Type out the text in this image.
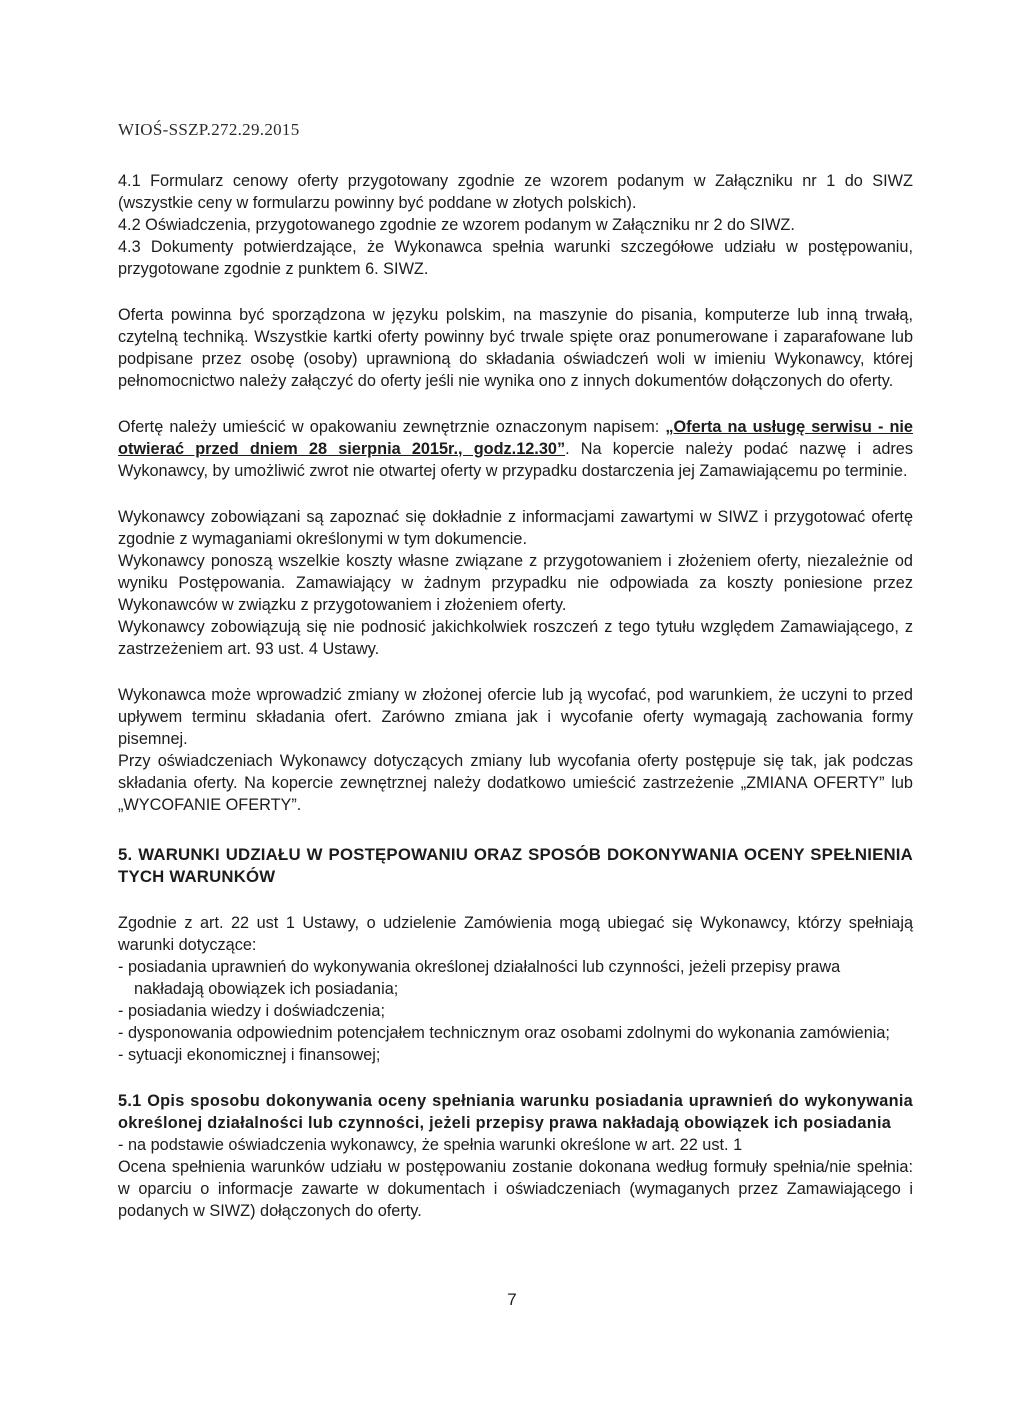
WIOŚ-SSZP.272.29.2015

4.1 Formularz cenowy oferty przygotowany zgodnie ze wzorem podanym w Załączniku nr 1 do SIWZ (wszystkie ceny w formularzu powinny być poddane w złotych polskich).

4.2 Oświadczenia, przygotowanego zgodnie ze wzorem podanym w Załączniku nr 2 do SIWZ.

4.3 Dokumenty potwierdzające, że Wykonawca spełnia warunki szczegółowe udziału w postępowaniu, przygotowane zgodnie z punktem 6. SIWZ.

Oferta powinna być sporządzona w języku polskim, na maszynie do pisania, komputerze lub inną trwałą, czytelną techniką. Wszystkie kartki oferty powinny być trwale spięte oraz ponumerowane i zaparafowane lub podpisane przez osobę (osoby) uprawnioną do składania oświadczeń woli w imieniu Wykonawcy, której pełnomocnictwo należy załączyć do oferty jeśli nie wynika ono z innych dokumentów dołączonych do oferty.

Ofertę należy umieścić w opakowaniu zewnętrznie oznaczonym napisem: „Oferta na usługę serwisu - nie otwierać przed dniem 28 sierpnia 2015r., godz.12.30”. Na kopercie należy podać nazwę i adres Wykonawcy, by umożliwić zwrot nie otwartej oferty w przypadku dostarczenia jej Zamawiającemu po terminie.

Wykonawcy zobowiązani są zapoznać się dokładnie z informacjami zawartymi w SIWZ i przygotować ofertę zgodnie z wymaganiami określonymi w tym dokumencie.

Wykonawcy ponoszą wszelkie koszty własne związane z przygotowaniem i złożeniem oferty, niezależnie od wyniku Postępowania. Zamawiający w żadnym przypadku nie odpowiada za koszty poniesione przez Wykonawców w związku z przygotowaniem i złożeniem oferty.

Wykonawcy zobowiązują się nie podnosić jakichkolwiek roszczeń z tego tytułu względem Zamawiającego, z zastrzeżeniem art. 93 ust. 4 Ustawy.

Wykonawca może wprowadzić zmiany w złożonej ofercie lub ją wycofać, pod warunkiem, że uczyni to przed upływem terminu składania ofert. Zarówno zmiana jak i wycofanie oferty wymagają zachowania formy pisemnej.

Przy oświadczeniach Wykonawcy dotyczących zmiany lub wycofania oferty postępuje się tak, jak podczas składania oferty. Na kopercie zewnętrznej należy dodatkowo umieścić zastrzeżenie „ZMIANA OFERTY” lub „WYCOFANIE OFERTY”.

5. WARUNKI UDZIAŁU W POSTĘPOWANIU ORAZ SPOSÓB DOKONYWANIA OCENY SPEŁNIENIA TYCH WARUNKÓW

Zgodnie z art. 22 ust 1 Ustawy, o udzielenie Zamówienia mogą ubiegać się Wykonawcy, którzy spełniają warunki dotyczące:

- posiadania uprawnień do wykonywania określonej działalności lub czynności, jeżeli przepisy prawa nakładają obowiązek ich posiadania;
- posiadania wiedzy i doświadczenia;
- dysponowania odpowiednim potencjałem technicznym oraz osobami zdolnymi do wykonania zamówienia;
- sytuacji ekonomicznej i finansowej;

5.1 Opis sposobu dokonywania oceny spełniania warunku posiadania uprawnień do wykonywania określonej działalności lub czynności, jeżeli przepisy prawa nakładają obowiązek ich posiadania

- na podstawie oświadczenia wykonawcy, że spełnia warunki określone w art. 22 ust. 1

Ocena spełnienia warunków udziału w postępowaniu zostanie dokonana według formuły spełnia/nie spełnia: w oparciu o informacje zawarte w dokumentach i oświadczeniach (wymaganych przez Zamawiającego i podanych w SIWZ) dołączonych do oferty.

7
